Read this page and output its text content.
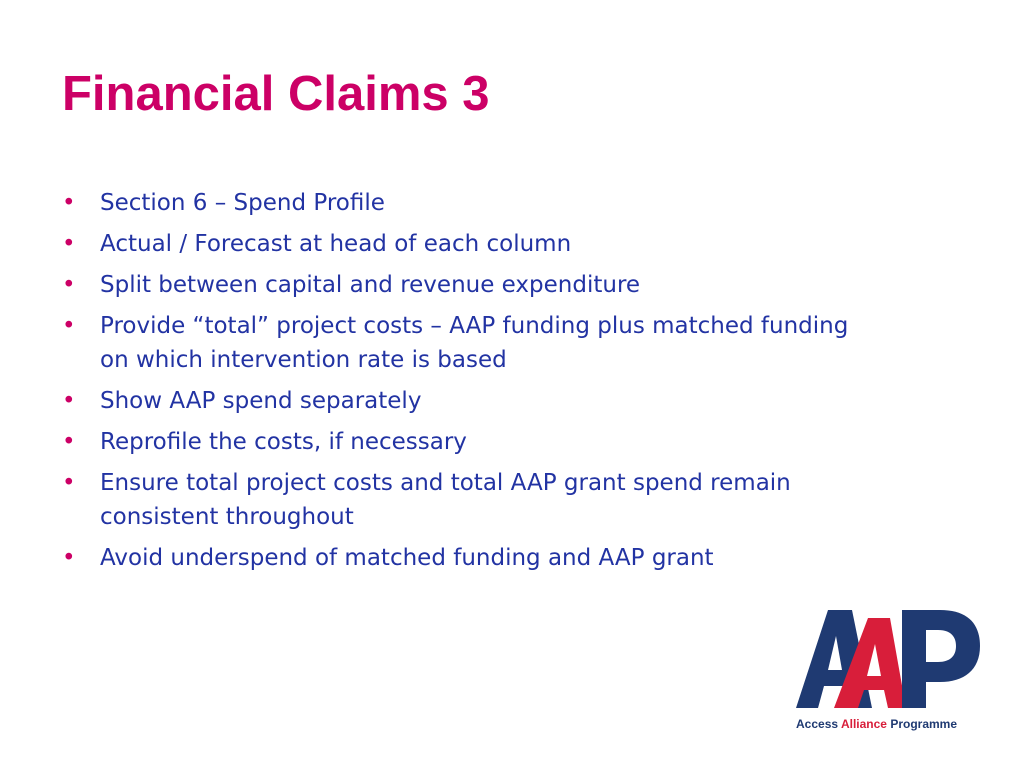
Financial Claims 3
• Section 6 – Spend Profile
• Actual / Forecast at head of each column
• Split between capital and revenue expenditure
• Provide “total” project costs – AAP funding plus matched funding on which intervention rate is based
• Show AAP spend separately
• Reprofile the costs, if necessary
• Ensure total project costs and total AAP grant spend remain consistent throughout
• Avoid underspend of matched funding and AAP grant
Access Alliance Programme
